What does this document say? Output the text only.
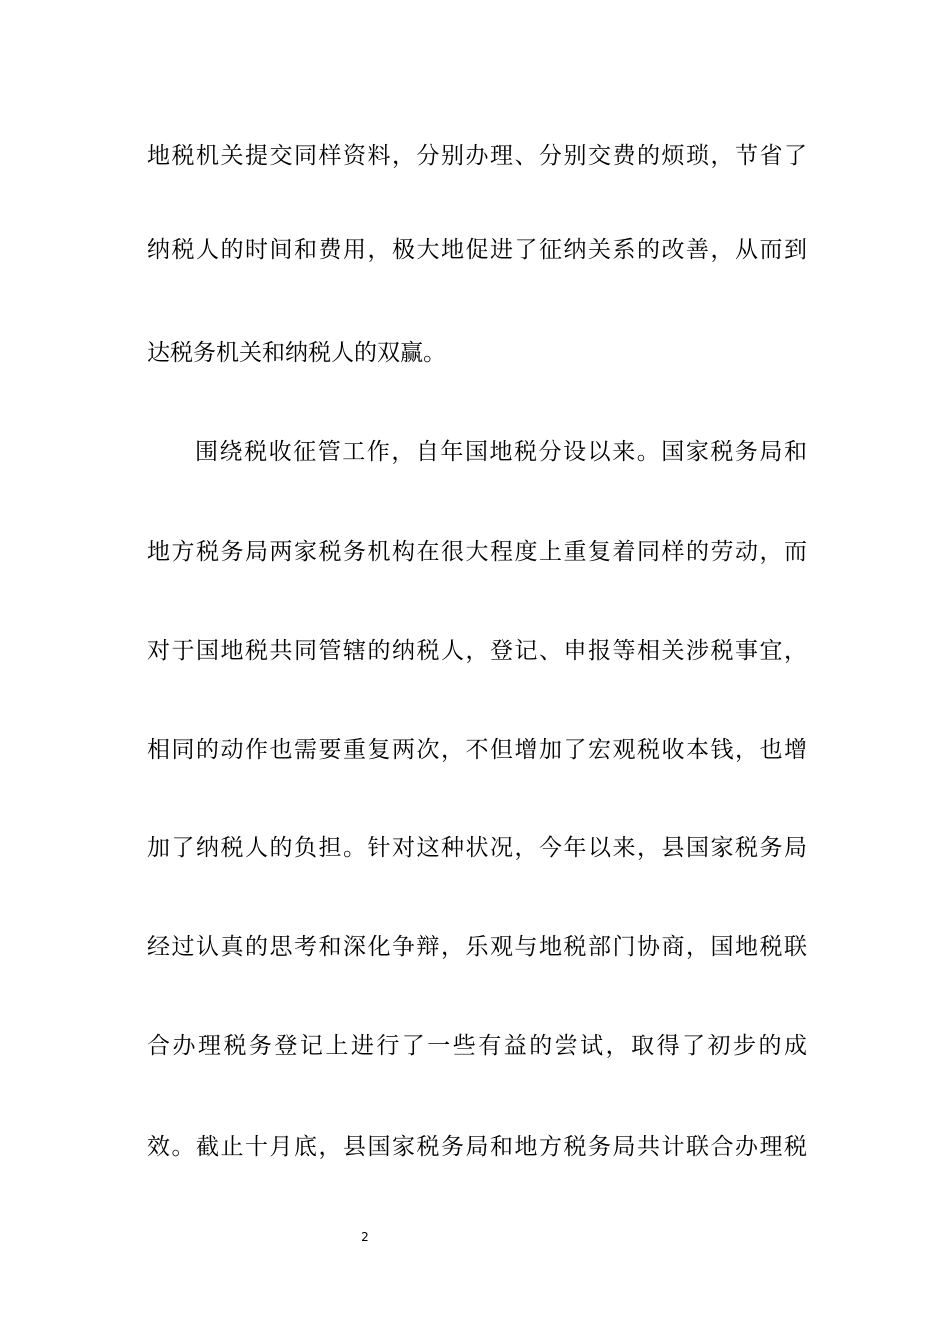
地税机关提交同样资料，分别办理、分别交费的烦琐，节省了
纳税人的时间和费用，极大地促进了征纳关系的改善，从而到
达税务机关和纳税人的双赢。
围绕税收征管工作，自年国地税分设以来。国家税务局和
地方税务局两家税务机构在很大程度上重复着同样的劳动，而
对于国地税共同管辖的纳税人，登记、申报等相关涉税事宜，
相同的动作也需要重复两次，不但增加了宏观税收本钱，也增
加了纳税人的负担。针对这种状况，今年以来，县国家税务局
经过认真的思考和深化争辩，乐观与地税部门协商，国地税联
合办理税务登记上进行了一些有益的尝试，取得了初步的成
效。截止十月底，县国家税务局和地方税务局共计联合办理税
2
